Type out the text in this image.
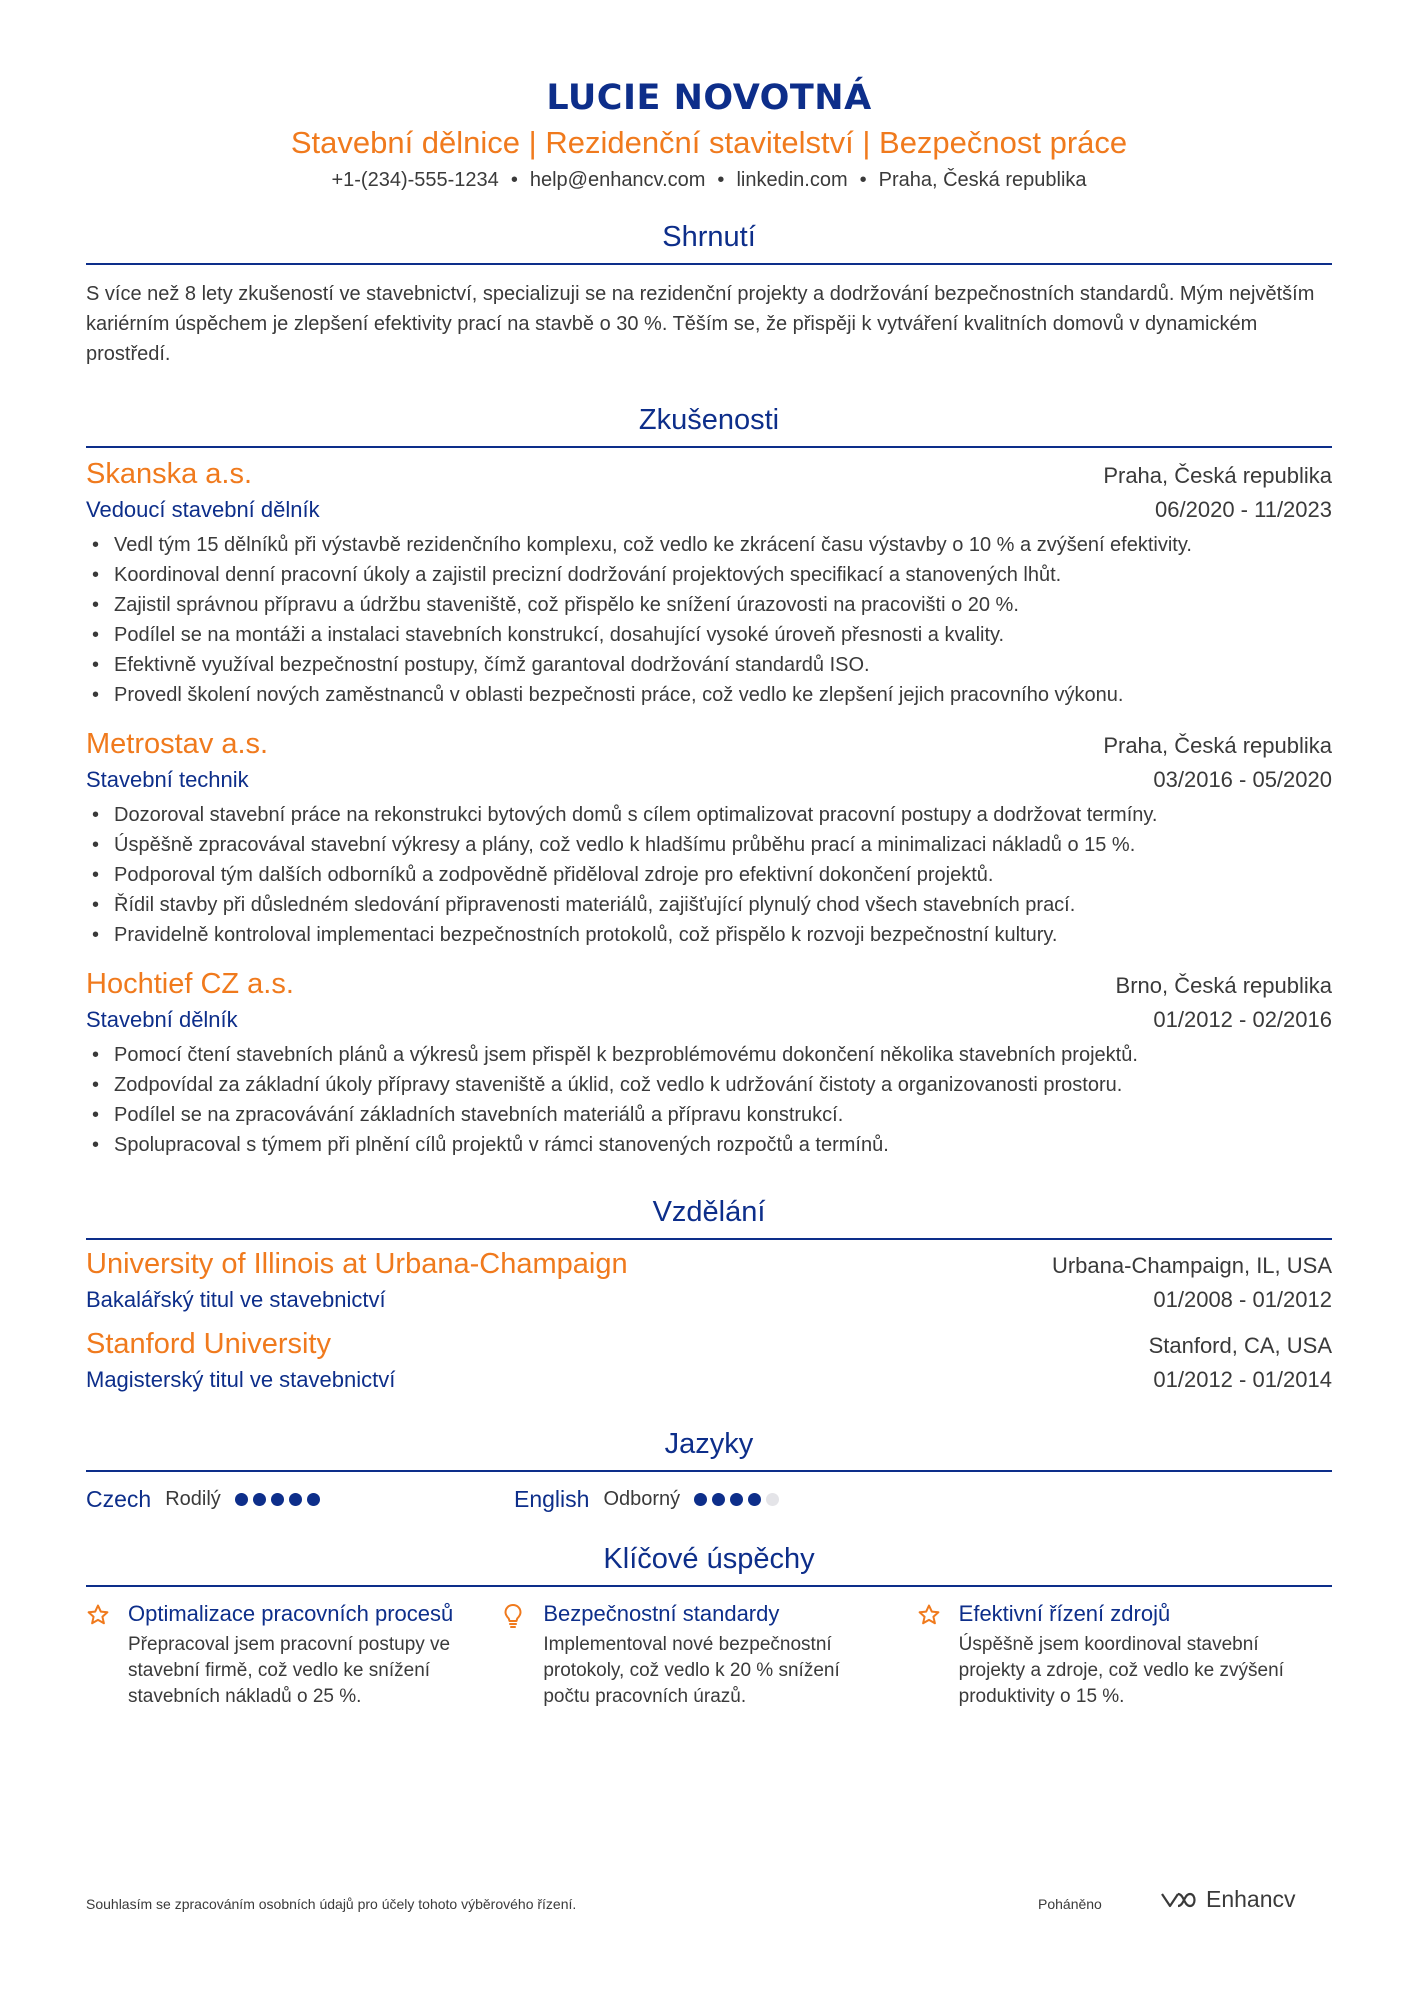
LUCIE NOVOTNÁ
Stavební dělnice | Rezidenční stavitelství | Bezpečnost práce
+1-(234)-555-1234 • help@enhancv.com • linkedin.com • Praha, Česká republika
Shrnutí
S více než 8 lety zkušeností ve stavebnictví, specializuji se na rezidenční projekty a dodržování bezpečnostních standardů. Mým největším kariérním úspěchem je zlepšení efektivity prací na stavbě o 30 %. Těším se, že přispěji k vytváření kvalitních domovů v dynamickém prostředí.
Zkušenosti
Skanska a.s.	Praha, Česká republika
Vedoucí stavební dělník	06/2020 - 11/2023
• Vedl tým 15 dělníků při výstavbě rezidenčního komplexu, což vedlo ke zkrácení času výstavby o 10 % a zvýšení efektivity.
• Koordinoval denní pracovní úkoly a zajistil precizní dodržování projektových specifikací a stanovených lhůt.
• Zajistil správnou přípravu a údržbu staveniště, což přispělo ke snížení úrazovosti na pracovišti o 20 %.
• Podílel se na montáži a instalaci stavebních konstrukcí, dosahující vysoké úroveň přesnosti a kvality.
• Efektivně využíval bezpečnostní postupy, čímž garantoval dodržování standardů ISO.
• Provedl školení nových zaměstnanců v oblasti bezpečnosti práce, což vedlo ke zlepšení jejich pracovního výkonu.
Metrostav a.s.	Praha, Česká republika
Stavební technik	03/2016 - 05/2020
• Dozoroval stavební práce na rekonstrukci bytových domů s cílem optimalizovat pracovní postupy a dodržovat termíny.
• Úspěšně zpracovával stavební výkresy a plány, což vedlo k hladšímu průběhu prací a minimalizaci nákladů o 15 %.
• Podporoval tým dalších odborníků a zodpovědně přiděloval zdroje pro efektivní dokončení projektů.
• Řídil stavby při důsledném sledování připravenosti materiálů, zajišťující plynulý chod všech stavebních prací.
• Pravidelně kontroloval implementaci bezpečnostních protokolů, což přispělo k rozvoji bezpečnostní kultury.
Hochtief CZ a.s.	Brno, Česká republika
Stavební dělník	01/2012 - 02/2016
• Pomocí čtení stavebních plánů a výkresů jsem přispěl k bezproblémovému dokončení několika stavebních projektů.
• Zodpovídal za základní úkoly přípravy staveniště a úklid, což vedlo k udržování čistoty a organizovanosti prostoru.
• Podílel se na zpracovávání základních stavebních materiálů a přípravu konstrukcí.
• Spolupracoval s týmem při plnění cílů projektů v rámci stanovených rozpočtů a termínů.
Vzdělání
University of Illinois at Urbana-Champaign	Urbana-Champaign, IL, USA
Bakalářský titul ve stavebnictví	01/2008 - 01/2012
Stanford University	Stanford, CA, USA
Magisterský titul ve stavebnictví	01/2012 - 01/2014
Jazyky
Czech Rodilý	English Odborný
Klíčové úspěchy
Optimalizace pracovních procesů
Přepracoval jsem pracovní postupy ve stavební firmě, což vedlo ke snížení stavebních nákladů o 25 %.
Bezpečnostní standardy
Implementoval nové bezpečnostní protokoly, což vedlo k 20 % snížení počtu pracovních úrazů.
Efektivní řízení zdrojů
Úspěšně jsem koordinoval stavební projekty a zdroje, což vedlo ke zvýšení produktivity o 15 %.
Souhlasím se zpracováním osobních údajů pro účely tohoto výběrového řízení.	Poháněno	Enhancv
